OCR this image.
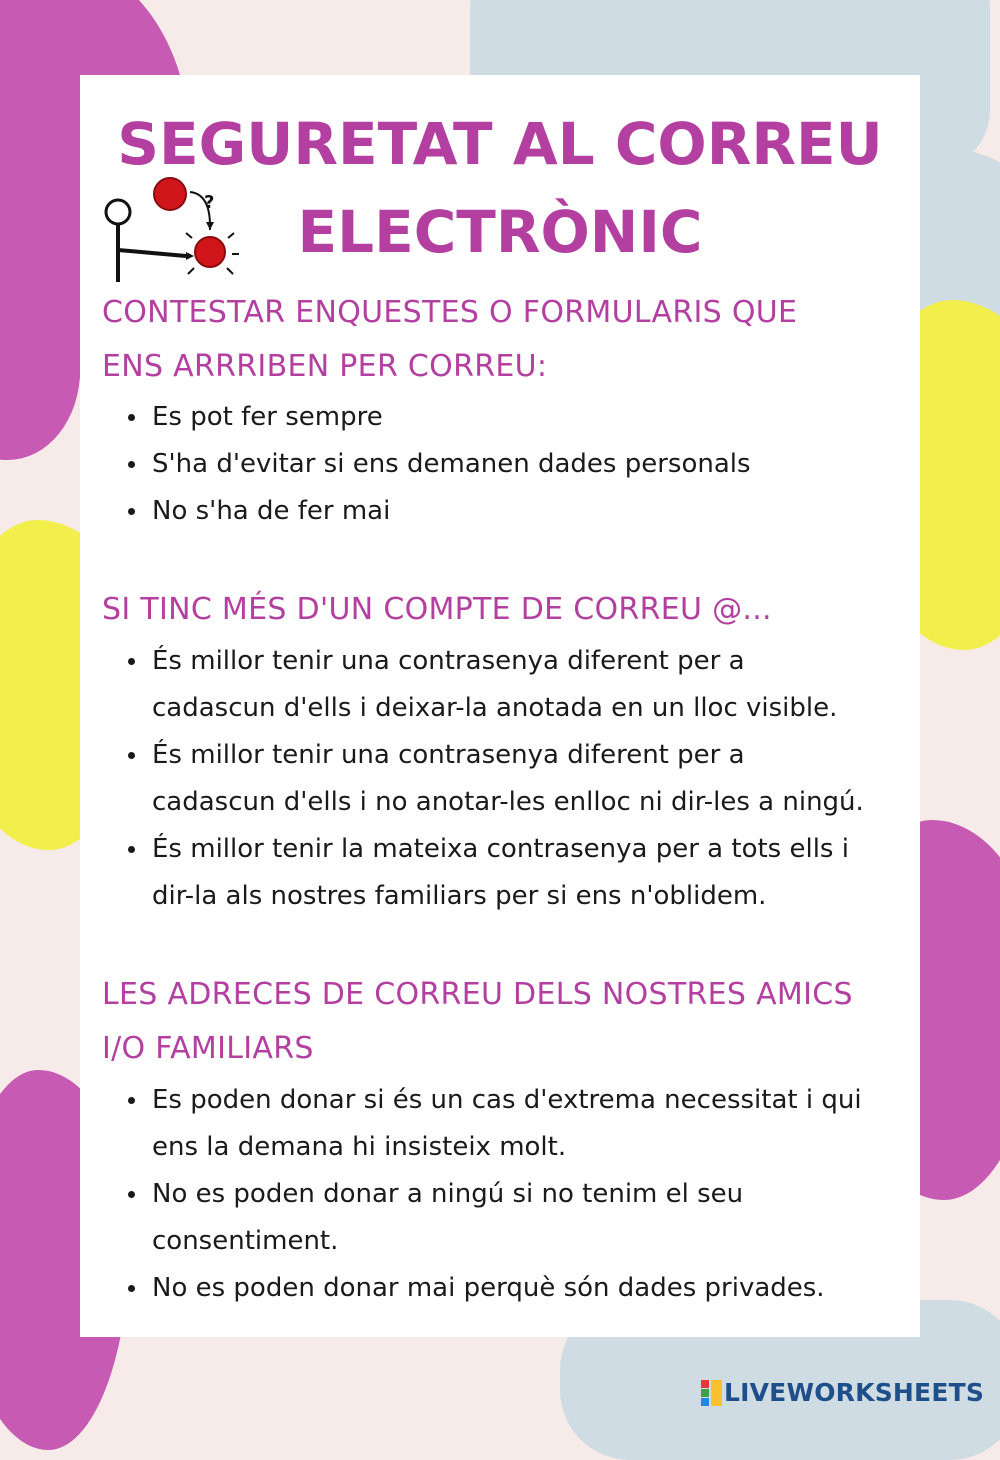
SEGURETAT AL CORREU
ELECTRÒNIC
?
CONTESTAR ENQUESTES O FORMULARIS QUE
ENS ARRRIBEN PER CORREU:
Es pot fer sempre
S'ha d'evitar si ens demanen dades personals
No s'ha de fer mai
SI TINC MÉS D'UN COMPTE DE CORREU @...
És millor tenir una contrasenya diferent per a
cadascun d'ells i deixar-la anotada en un lloc visible.
És millor tenir una contrasenya diferent per a
cadascun d'ells i no anotar-les enlloc ni dir-les a ningú.
És millor tenir la mateixa contrasenya per a tots ells i
dir-la als nostres familiars per si ens n'oblidem.
LES ADRECES DE CORREU DELS NOSTRES AMICS
I/O FAMILIARS
Es poden donar si és un cas d'extrema necessitat i qui
ens la demana hi insisteix molt.
No es poden donar a ningú si no tenim el seu
consentiment.
No es poden donar mai perquè són dades privades.
LIVEWORKSHEETS
